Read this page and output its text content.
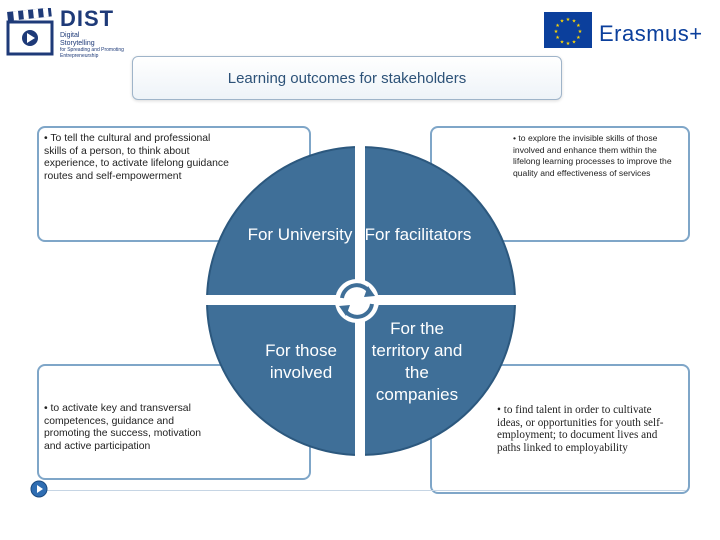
DIST
Digital Storytelling
for Spreading and Promoting Entrepreneurship
★ ★
★
★
★
★
★
★
★
★
★
★ Erasmus+
Learning outcomes for stakeholders
For University For facilitators
For those involved
For the territory and the companies
• To tell the cultural and professional skills of a person, to think about experience, to activate lifelong guidance routes and self-empowerment
• to explore the invisible skills of those involved and enhance them within the lifelong learning processes to improve the quality and effectiveness of services
• to activate key and transversal competences, guidance and promoting the success, motivation and active participation
• to find talent in order to cultivate ideas, or opportunities for youth self-employment; to document lives and paths linked to employability
